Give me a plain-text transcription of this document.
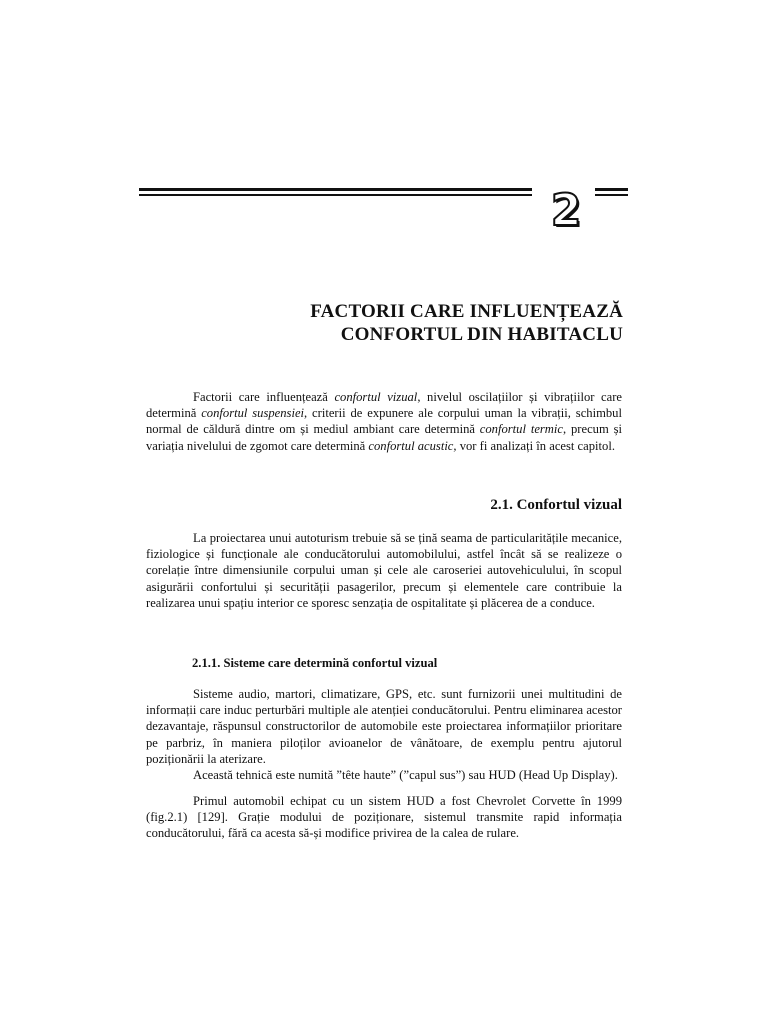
2
FACTORII CARE INFLUENȚEAZĂ
CONFORTUL DIN HABITACLU

Factorii care influențează confortul vizual, nivelul oscilațiilor și vibrațiilor care determină confortul suspensiei, criterii de expunere ale corpului uman la vibrații, schimbul normal de căldură dintre om și mediul ambiant care determină confortul termic, precum și variația nivelului de zgomot care determină confortul acustic, vor fi analizați în acest capitol.

2.1. Confortul vizual

La proiectarea unui autoturism trebuie să se țină seama de particularitățile mecanice, fiziologice și funcționale ale conducătorului automobilului, astfel încât să se realizeze o corelație între dimensiunile corpului uman și cele ale caroseriei autovehiculului, în scopul asigurării confortului și securității pasagerilor, precum și elementele care contribuie la realizarea unui spațiu interior ce sporesc senzația de ospitalitate și plăcerea de a conduce.

2.1.1. Sisteme care determină confortul vizual

Sisteme audio, martori, climatizare, GPS, etc. sunt furnizorii unei multitudini de informații care induc perturbări multiple ale atenției conducătorului. Pentru eliminarea acestor dezavantaje, răspunsul constructorilor de automobile este proiectarea informațiilor prioritare pe parbriz, în maniera piloților avioanelor de vânătoare, de exemplu pentru ajutorul poziționării la aterizare.

Această tehnică este numită ”tête haute” (”capul sus”) sau HUD (Head Up Display).

Primul automobil echipat cu un sistem HUD a fost Chevrolet Corvette în 1999 (fig.2.1) [129]. Grație modului de poziționare, sistemul transmite rapid informația conducătorului, fără ca acesta să-și modifice privirea de la calea de rulare.
